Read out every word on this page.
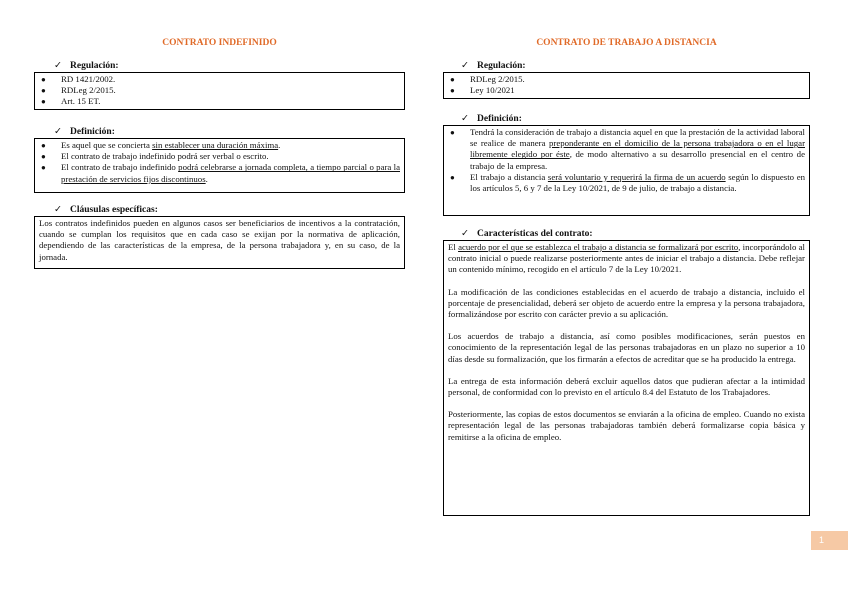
CONTRATO INDEFINIDO
✓ Regulación:
● RD 1421/2002.
● RDLeg 2/2015.
● Art. 15 ET.
✓ Definición:
● Es aquel que se concierta sin establecer una duración máxima.
● El contrato de trabajo indefinido podrá ser verbal o escrito.
● El contrato de trabajo indefinido podrá celebrarse a jornada completa, a tiempo parcial o para la prestación de servicios fijos discontinuos.
✓ Cláusulas específicas:

Los contratos indefinidos pueden en algunos casos ser beneficiarios de incentivos a la contratación, cuando se cumplan los requisitos que en cada caso se exijan por la normativa de aplicación, dependiendo de las características de la empresa, de la persona trabajadora y, en su caso, de la jornada.

CONTRATO DE TRABAJO A DISTANCIA
✓ Regulación:
● RDLeg 2/2015.
● Ley 10/2021
✓ Definición:
● Tendrá la consideración de trabajo a distancia aquel en que la prestación de la actividad laboral se realice de manera preponderante en el domicilio de la persona trabajadora o en el lugar libremente elegido por éste, de modo alternativo a su desarrollo presencial en el centro de trabajo de la empresa.
● El trabajo a distancia será voluntario y requerirá la firma de un acuerdo según lo dispuesto en los artículos 5, 6 y 7 de la Ley 10/2021, de 9 de julio, de trabajo a distancia.
✓ Características del contrato:

El acuerdo por el que se establezca el trabajo a distancia se formalizará por escrito, incorporándolo al contrato inicial o puede realizarse posteriormente antes de iniciar el trabajo a distancia. Debe reflejar un contenido mínimo, recogido en el artículo 7 de la Ley 10/2021.

La modificación de las condiciones establecidas en el acuerdo de trabajo a distancia, incluido el porcentaje de presencialidad, deberá ser objeto de acuerdo entre la empresa y la persona trabajadora, formalizándose por escrito con carácter previo a su aplicación.

Los acuerdos de trabajo a distancia, así como posibles modificaciones, serán puestos en conocimiento de la representación legal de las personas trabajadoras en un plazo no superior a 10 días desde su formalización, que los firmarán a efectos de acreditar que se ha producido la entrega.

La entrega de esta información deberá excluir aquellos datos que pudieran afectar a la intimidad personal, de conformidad con lo previsto en el artículo 8.4 del Estatuto de los Trabajadores.

Posteriormente, las copias de estos documentos se enviarán a la oficina de empleo. Cuando no exista representación legal de las personas trabajadoras también deberá formalizarse copia básica y remitirse a la oficina de empleo.

1
